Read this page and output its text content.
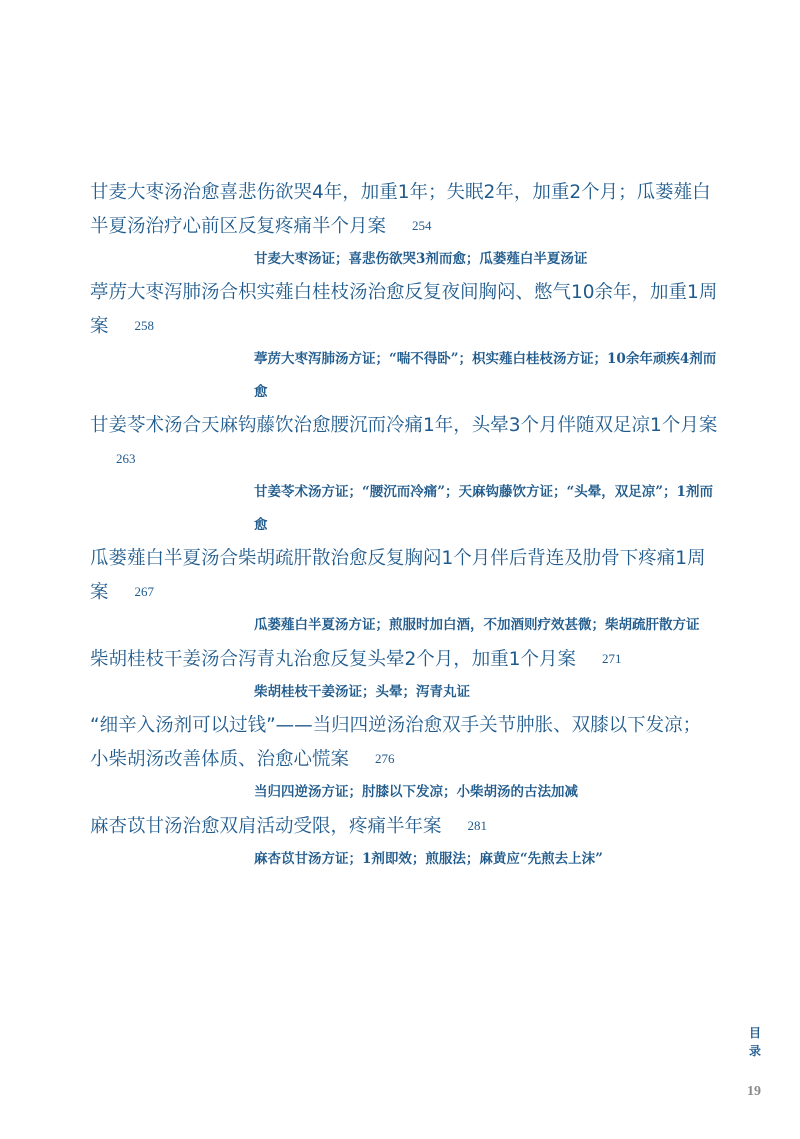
甘麦大枣汤治愈喜悲伤欲哭4年，加重1年；失眠2年，加重2个月；瓜蒌薤白半夏汤治疗心前区反复疼痛半个月案 254
甘麦大枣汤证；喜悲伤欲哭3剂而愈；瓜蒌薤白半夏汤证
葶苈大枣泻肺汤合枳实薤白桂枝汤治愈反复夜间胸闷、憋气10余年，加重1周案 258
葶苈大枣泻肺汤方证；“喘不得卧”；枳实薤白桂枝汤方证；10余年顽疾4剂而愈
甘姜苓术汤合天麻钩藤饮治愈腰沉而冷痛1年，头晕3个月伴随双足凉1个月案263
甘姜苓术汤方证；“腰沉而冷痛”；天麻钩藤饮方证；“头晕，双足凉”；1剂而愈
瓜蒌薤白半夏汤合柴胡疏肝散治愈反复胸闷1个月伴后背连及肋骨下疼痛1周案 267
瓜蒌薤白半夏汤方证；煎服时加白酒，不加酒则疗效甚微；柴胡疏肝散方证
柴胡桂枝干姜汤合泻青丸治愈反复头晕2个月，加重1个月案 271
柴胡桂枝干姜汤证；头晕；泻青丸证
“细辛入汤剂可以过钱”——当归四逆汤治愈双手关节肿胀、双膝以下发凉；小柴胡汤改善体质、治愈心慌案 276
当归四逆汤方证；肘膝以下发凉；小柴胡汤的古法加减
麻杏苡甘汤治愈双肩活动受限，疼痛半年案 281
麻杏苡甘汤方证；1剂即效；煎服法；麻黄应“先煎去上沫”
目录
19
